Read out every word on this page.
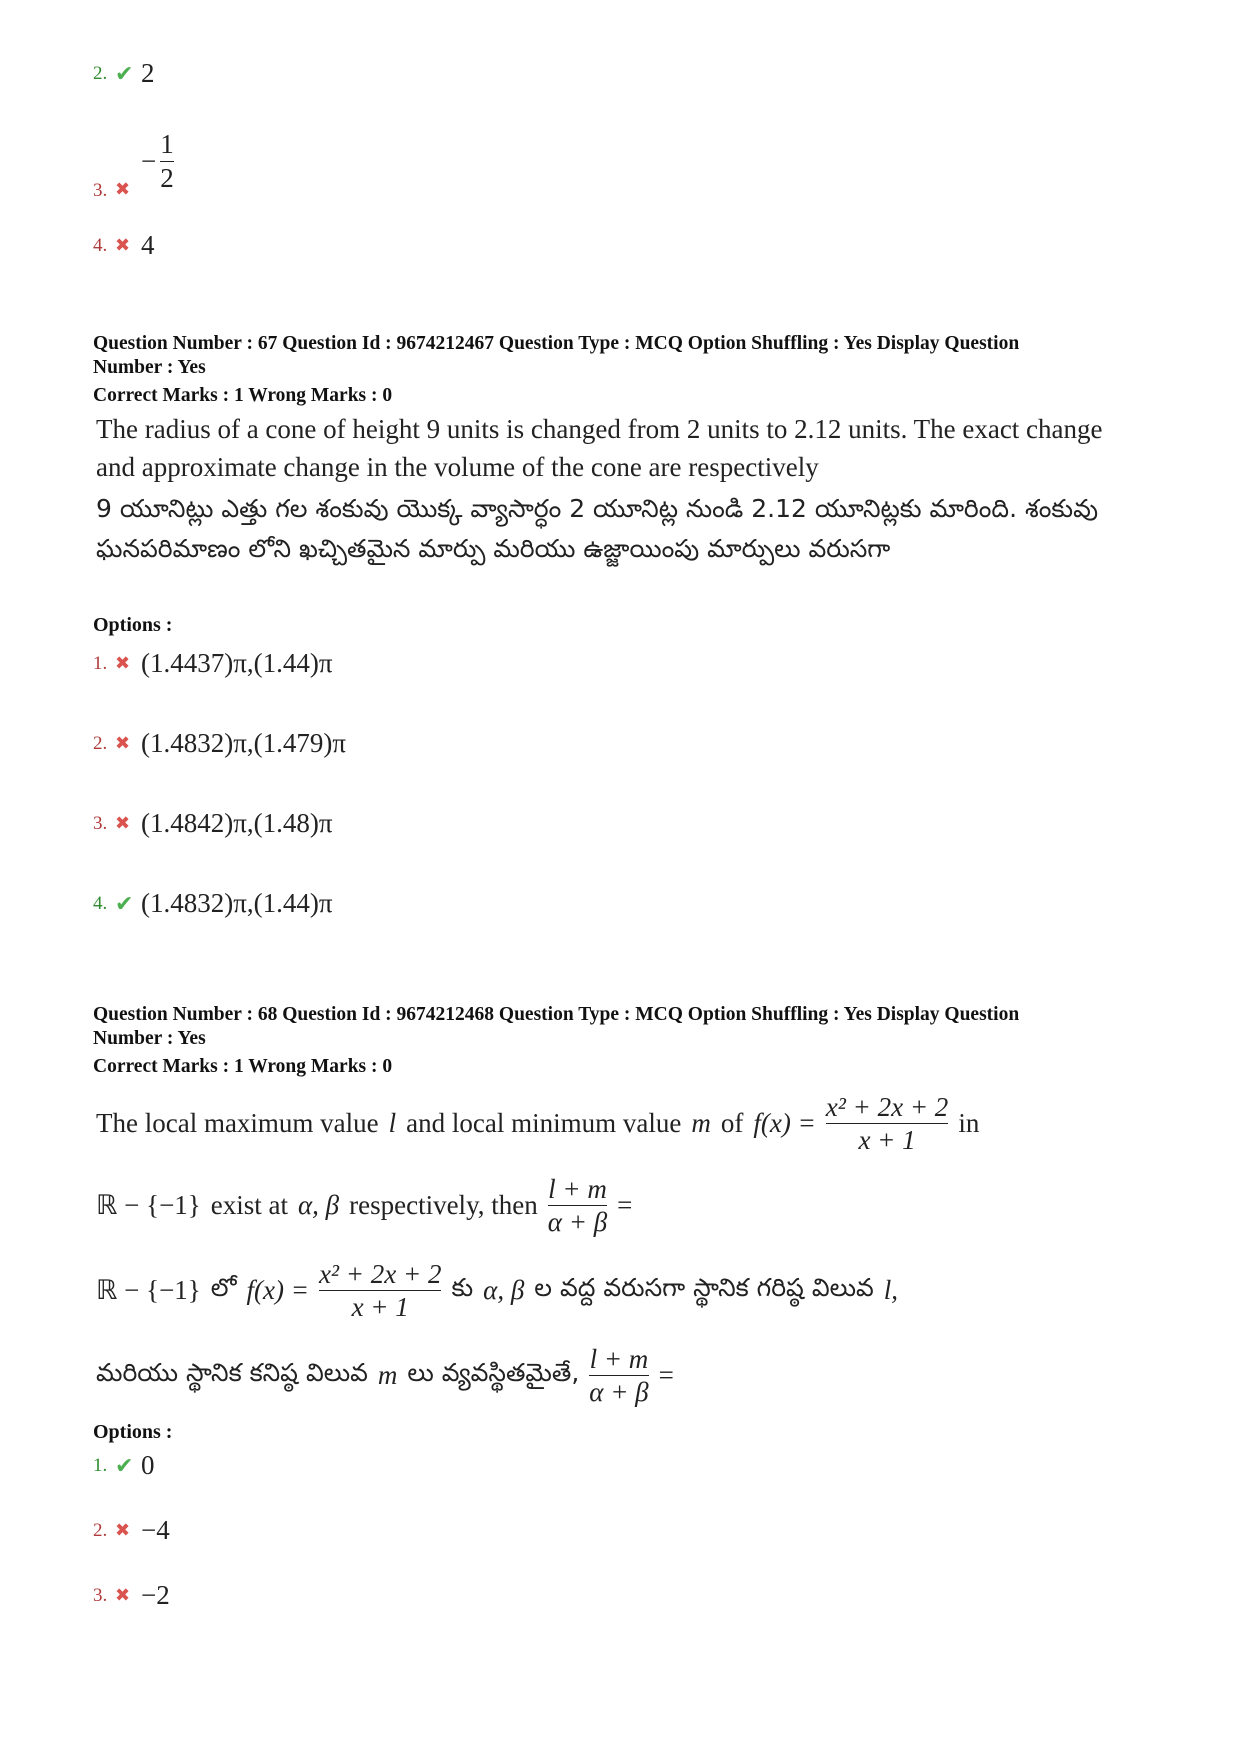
2. ✔ 2
3. ✖
− $\frac{1}{2}$
4. ✖ 4
Question Number : 67 Question Id : 9674212467 Question Type : MCQ Option Shuffling : Yes Display Question
Number : Yes
Correct Marks : 1 Wrong Marks : 0
The radius of a cone of height 9 units is changed from 2 units to 2.12 units. The exact change and approximate change in the volume of the cone are respectively
9 యూనిట్లు ఎత్తు గల శంకువు యొక్క వ్యాసార్ధం 2 యూనిట్ల నుండి 2.12 యూనిట్లకు మారింది. శంకువు ఘనపరిమాణం లోని ఖచ్చితమైన మార్పు మరియు ఉజ్జాయింపు మార్పులు వరుసగా
Options :
1. ✖ (1.4437)π,(1.44)π
2. ✖ (1.4832)π,(1.479)π
3. ✖ (1.4842)π,(1.48)π
4. ✔ (1.4832)π,(1.44)π
Question Number : 68 Question Id : 9674212468 Question Type : MCQ Option Shuffling : Yes Display Question
Number : Yes
Correct Marks : 1 Wrong Marks : 0
The local maximum value l and local minimum value m of $f(x) = \frac{\text{x² + 2x + 2}}{x + 1}$ in
ℝ − {−1} exist at α, β respectively, then $\frac{l + m}{\alpha + \beta}$ =
ℝ − {−1} లో $f(x) = \frac{\text{x² + 2x + 2}}{x + 1}$ కు α, β ల వద్ద వరుసగా స్థానిక గరిష్ఠ విలువ l,
మరియు స్థానిక కనిష్ఠ విలువ m లు వ్యవస్థితమైతే, $\frac{l + m}{\alpha + \beta}$ =
Options :
1. ✔ 0
2. ✖ −4
3. ✖ −2
